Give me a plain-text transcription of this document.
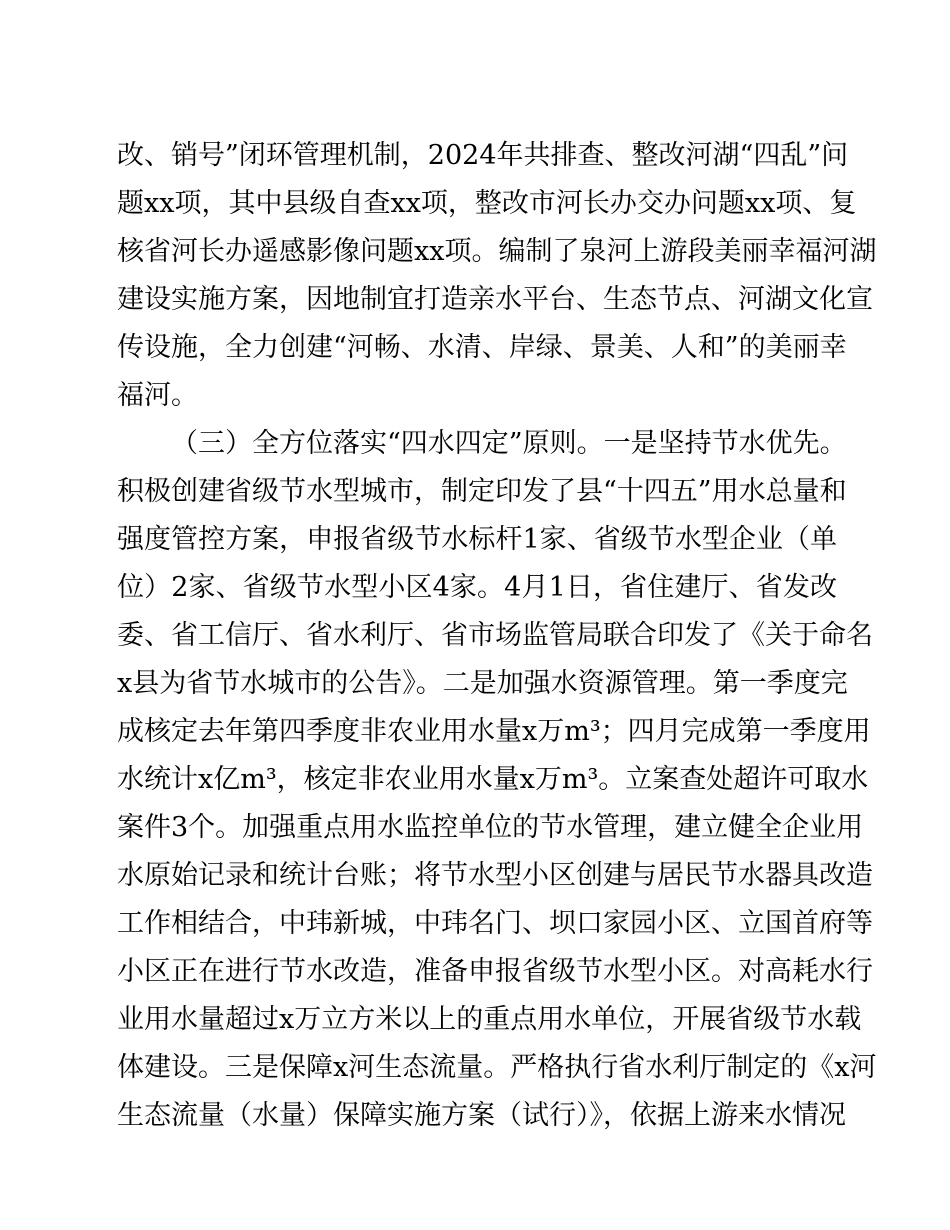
改、销号”闭环管理机制，2024年共排查、整改河湖“四乱”问
题xx项，其中县级自查xx项，整改市河长办交办问题xx项、复
核省河长办遥感影像问题xx项。编制了泉河上游段美丽幸福河湖
建设实施方案，因地制宜打造亲水平台、生态节点、河湖文化宣
传设施，全力创建“河畅、水清、岸绿、景美、人和”的美丽幸
福河。
（三）全方位落实“四水四定”原则。一是坚持节水优先。
积极创建省级节水型城市，制定印发了县“十四五”用水总量和
强度管控方案，申报省级节水标杆1家、省级节水型企业（单
位）2家、省级节水型小区4家。4月1日，省住建厅、省发改
委、省工信厅、省水利厅、省市场监管局联合印发了《关于命名
x县为省节水城市的公告》。二是加强水资源管理。第一季度完
成核定去年第四季度非农业用水量x万m³；四月完成第一季度用
水统计x亿m³，核定非农业用水量x万m³。立案查处超许可取水
案件3个。加强重点用水监控单位的节水管理，建立健全企业用
水原始记录和统计台账；将节水型小区创建与居民节水器具改造
工作相结合，中玮新城，中玮名门、坝口家园小区、立国首府等
小区正在进行节水改造，准备申报省级节水型小区。对高耗水行
业用水量超过x万立方米以上的重点用水单位，开展省级节水载
体建设。三是保障x河生态流量。严格执行省水利厅制定的《x河
生态流量（水量）保障实施方案（试行）》，依据上游来水情况
